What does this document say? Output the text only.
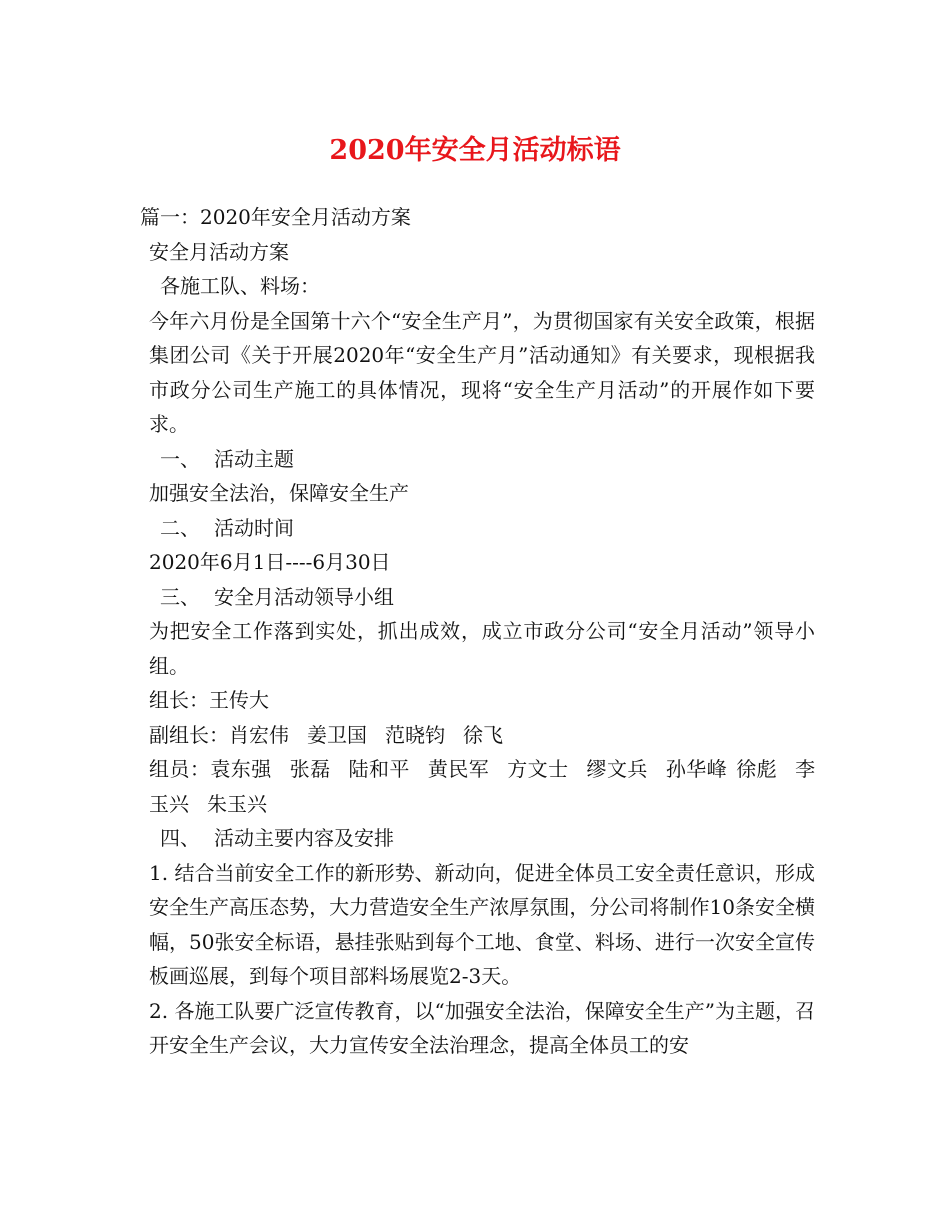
2020年安全月活动标语
篇一：2020年安全月活动方案
安全月活动方案
各施工队、料场：
今年六月份是全国第十六个“安全生产月”，为贯彻国家有关安全政策，根据集团公司《关于开展2020年“安全生产月”活动通知》有关要求，现根据我市政分公司生产施工的具体情况，现将“安全生产月活动”的开展作如下要求。
一、 活动主题
加强安全法治，保障安全生产
二、 活动时间
2020年6月1日----6月30日
三、 安全月活动领导小组
为把安全工作落到实处，抓出成效，成立市政分公司“安全月活动”领导小组。
组长：王传大
副组长：肖宏伟 姜卫国 范晓钧 徐飞
组员：袁东强 张磊 陆和平 黄民军 方文士 缪文兵 孙华峰 徐彪 李玉兴 朱玉兴
四、 活动主要内容及安排
1. 结合当前安全工作的新形势、新动向，促进全体员工安全责任意识，形成安全生产高压态势，大力营造安全生产浓厚氛围，分公司将制作10条安全横幅，50张安全标语，悬挂张贴到每个工地、食堂、料场、进行一次安全宣传板画巡展，到每个项目部料场展览2-3天。
2. 各施工队要广泛宣传教育，以“加强安全法治，保障安全生产”为主题，召开安全生产会议，大力宣传安全法治理念，提高全体员工的安
